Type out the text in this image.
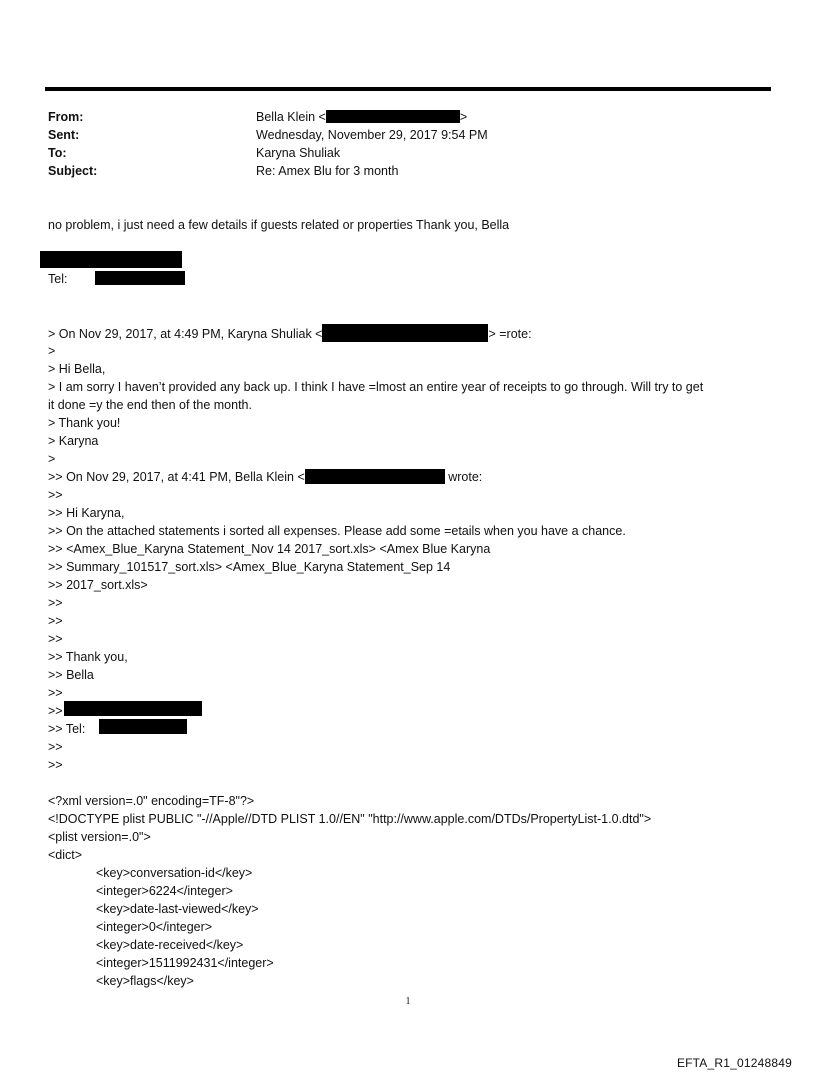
From:	Bella Klein <	>
Sent:	Wednesday, November 29, 2017 9:54 PM
To:	Karyna Shuliak
Subject:	Re: Amex Blu for 3 month
no problem, i just need a few details if guests related or properties Thank you, Bella
Tel:
> On Nov 29, 2017, at 4:49 PM, Karyna Shuliak <	> =rote:
>
> Hi Bella,
> I am sorry I haven’t provided any back up. I think I have =lmost an entire year of receipts to go through. Will try to get
it done =y the end then of the month.
> Thank you!
> Karyna
>
>> On Nov 29, 2017, at 4:41 PM, Bella Klein <	wrote:
>>
>> Hi Karyna,
>> On the attached statements i sorted all expenses. Please add some =etails when you have a chance.
>> <Amex_Blue_Karyna Statement_Nov 14 2017_sort.xls> <Amex Blue Karyna
>> Summary_101517_sort.xls> <Amex_Blue_Karyna Statement_Sep 14
>> 2017_sort.xls>
>>
>>
>>
>> Thank you,
>> Bella
>>
>>
>> Tel:
>>
>>
<?xml version=.0" encoding=TF-8"?>
<!DOCTYPE plist PUBLIC "-//Apple//DTD PLIST 1.0//EN" "http://www.apple.com/DTDs/PropertyList-1.0.dtd">
<plist version=.0">
<dict>
<key>conversation-id</key>
<integer>6224</integer>
<key>date-last-viewed</key>
<integer>0</integer>
<key>date-received</key>
<integer>1511992431</integer>
<key>flags</key>
1
EFTA_R1_01248849
